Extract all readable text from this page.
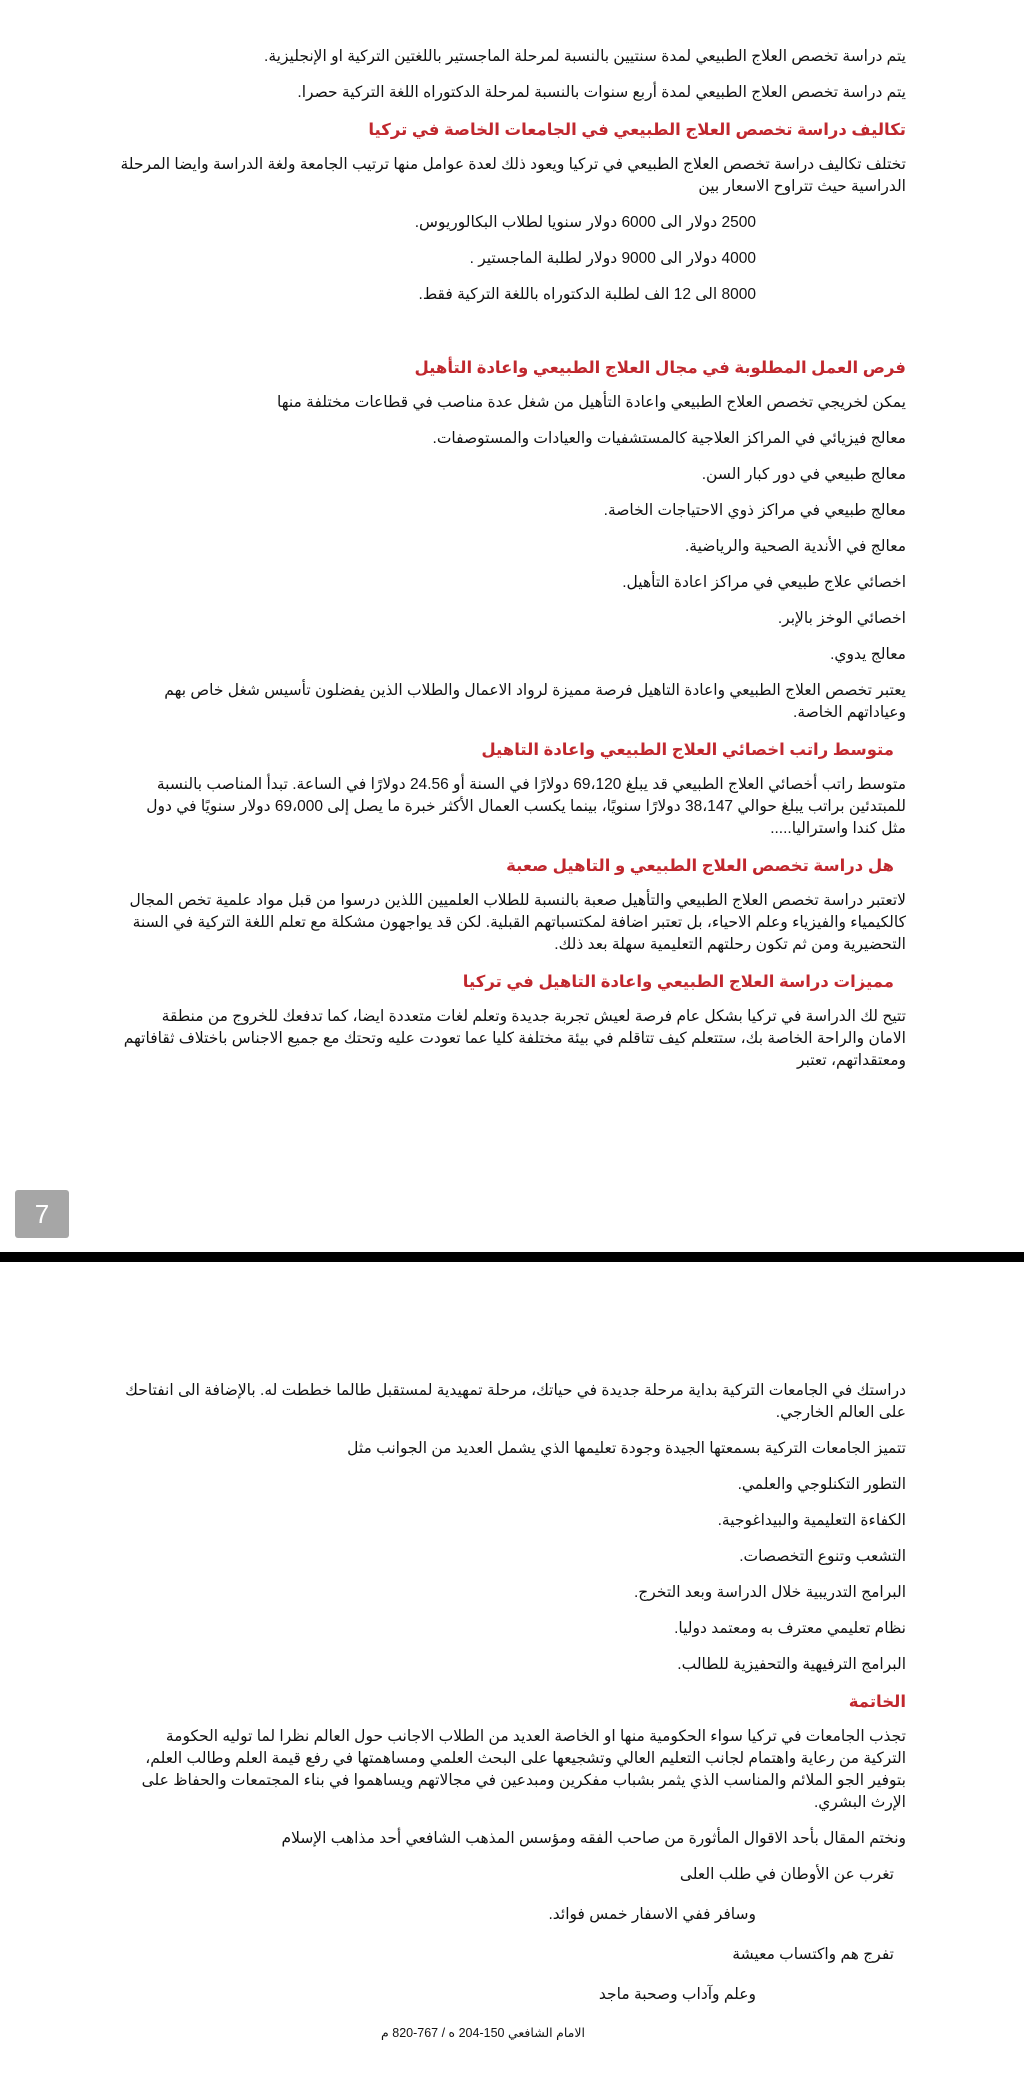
يتم دراسة تخصص العلاج الطبيعي لمدة سنتيين بالنسبة لمرحلة الماجستير باللغتين التركية او الإنجليزية.

يتم دراسة تخصص العلاج الطبيعي لمدة أربع سنوات بالنسبة لمرحلة الدكتوراه اللغة التركية حصرا.

تكاليف دراسة تخصص العلاج الطبيعي في الجامعات الخاصة في تركيا

تختلف تكاليف دراسة تخصص العلاج الطبيعي في تركيا ويعود ذلك لعدة عوامل منها ترتيب الجامعة ولغة الدراسة وايضا المرحلة الدراسية حيث تتراوح الاسعار بين

2500 دولار الى 6000 دولار سنويا لطلاب البكالوريوس.

4000 دولار الى 9000 دولار لطلبة الماجستير .

8000 الى 12 الف لطلبة الدكتوراه باللغة التركية فقط.

فرص العمل المطلوبة في مجال العلاج الطبيعي واعادة التأهيل

يمكن لخريجي تخصص العلاج الطبيعي واعادة التأهيل من شغل عدة مناصب في قطاعات مختلفة منها

معالج فيزيائي في المراكز العلاجية كالمستشفيات والعيادات والمستوصفات.

معالج طبيعي في دور كبار السن.

معالج طبيعي في مراكز ذوي الاحتياجات الخاصة.

معالج في الأندية الصحية والرياضية.

اخصائي علاج طبيعي في مراكز اعادة التأهيل.

اخصائي الوخز بالإبر.

معالج يدوي.

يعتبر تخصص العلاج الطبيعي واعادة التاهيل فرصة مميزة لرواد الاعمال والطلاب الذين يفضلون تأسيس شغل خاص بهم وعياداتهم الخاصة.

متوسط راتب اخصائي العلاج الطبيعي واعادة التاهيل

متوسط راتب أخصائي العلاج الطبيعي قد يبلغ 69،120 دولارًا في السنة أو 24.56 دولارًا في الساعة. تبدأ المناصب بالنسبة للمبتدئين براتب يبلغ حوالي 38،147 دولارًا سنويًا، بينما يكسب العمال الأكثر خبرة ما يصل إلى 69،000 دولار سنويًا في دول مثل كندا واستراليا.....

هل دراسة تخصص العلاج الطبيعي و التاهيل صعبة

لاتعتبر دراسة تخصص العلاج الطبيعي والتأهيل صعبة بالنسبة للطلاب العلميين اللذين درسوا من قبل مواد علمية تخص المجال كالكيمياء والفيزياء وعلم الاحياء، بل تعتبر اضافة لمكتسباتهم القبلية. لكن قد يواجهون مشكلة مع تعلم اللغة التركية في السنة التحضيرية ومن ثم تكون رحلتهم التعليمية سهلة بعد ذلك.

مميزات دراسة العلاج الطبيعي واعادة التاهيل في تركيا

تتيح لك الدراسة في تركيا بشكل عام فرصة لعيش تجربة جديدة وتعلم لغات متعددة ايضا، كما تدفعك للخروج من منطقة الامان والراحة الخاصة بك، ستتعلم كيف تتاقلم في بيئة مختلفة كليا عما تعودت عليه وتحتك مع جميع الاجناس باختلاف ثقافاتهم ومعتقداتهم، تعتبر

7

دراستك في الجامعات التركية بداية مرحلة جديدة في حياتك، مرحلة تمهيدية لمستقبل طالما خططت له. بالإضافة الى انفتاحك على العالم الخارجي.

تتميز الجامعات التركية بسمعتها الجيدة وجودة تعليمها الذي يشمل العديد من الجوانب مثل

التطور التكنلوجي والعلمي.

الكفاءة التعليمية والبيداغوجية.

التشعب وتنوع التخصصات.

البرامج التدريبية خلال الدراسة وبعد التخرج.

نظام تعليمي معترف به ومعتمد دوليا.

البرامج الترفيهية والتحفيزية للطالب.

الخاتمة

تجذب الجامعات في تركيا سواء الحكومية منها او الخاصة العديد من الطلاب الاجانب حول العالم نظرا لما توليه الحكومة التركية من رعاية واهتمام لجانب التعليم العالي وتشجيعها على البحث العلمي ومساهمتها في رفع قيمة العلم وطالب العلم، بتوفير الجو الملائم والمناسب الذي يثمر بشباب مفكرين ومبدعين في مجالاتهم ويساهموا في بناء المجتمعات والحفاظ على الإرث البشري.

ونختم المقال بأحد الاقوال المأثورة من صاحب الفقه ومؤسس المذهب الشافعي أحد مذاهب الإسلام

تغرب عن الأوطان في طلب العلى

وسافر ففي الاسفار خمس فوائد.

تفرج هم واكتساب معيشة

وعلم وآداب وصحبة ماجد

الامام الشافعي 150-204 ه / 767-820 م
